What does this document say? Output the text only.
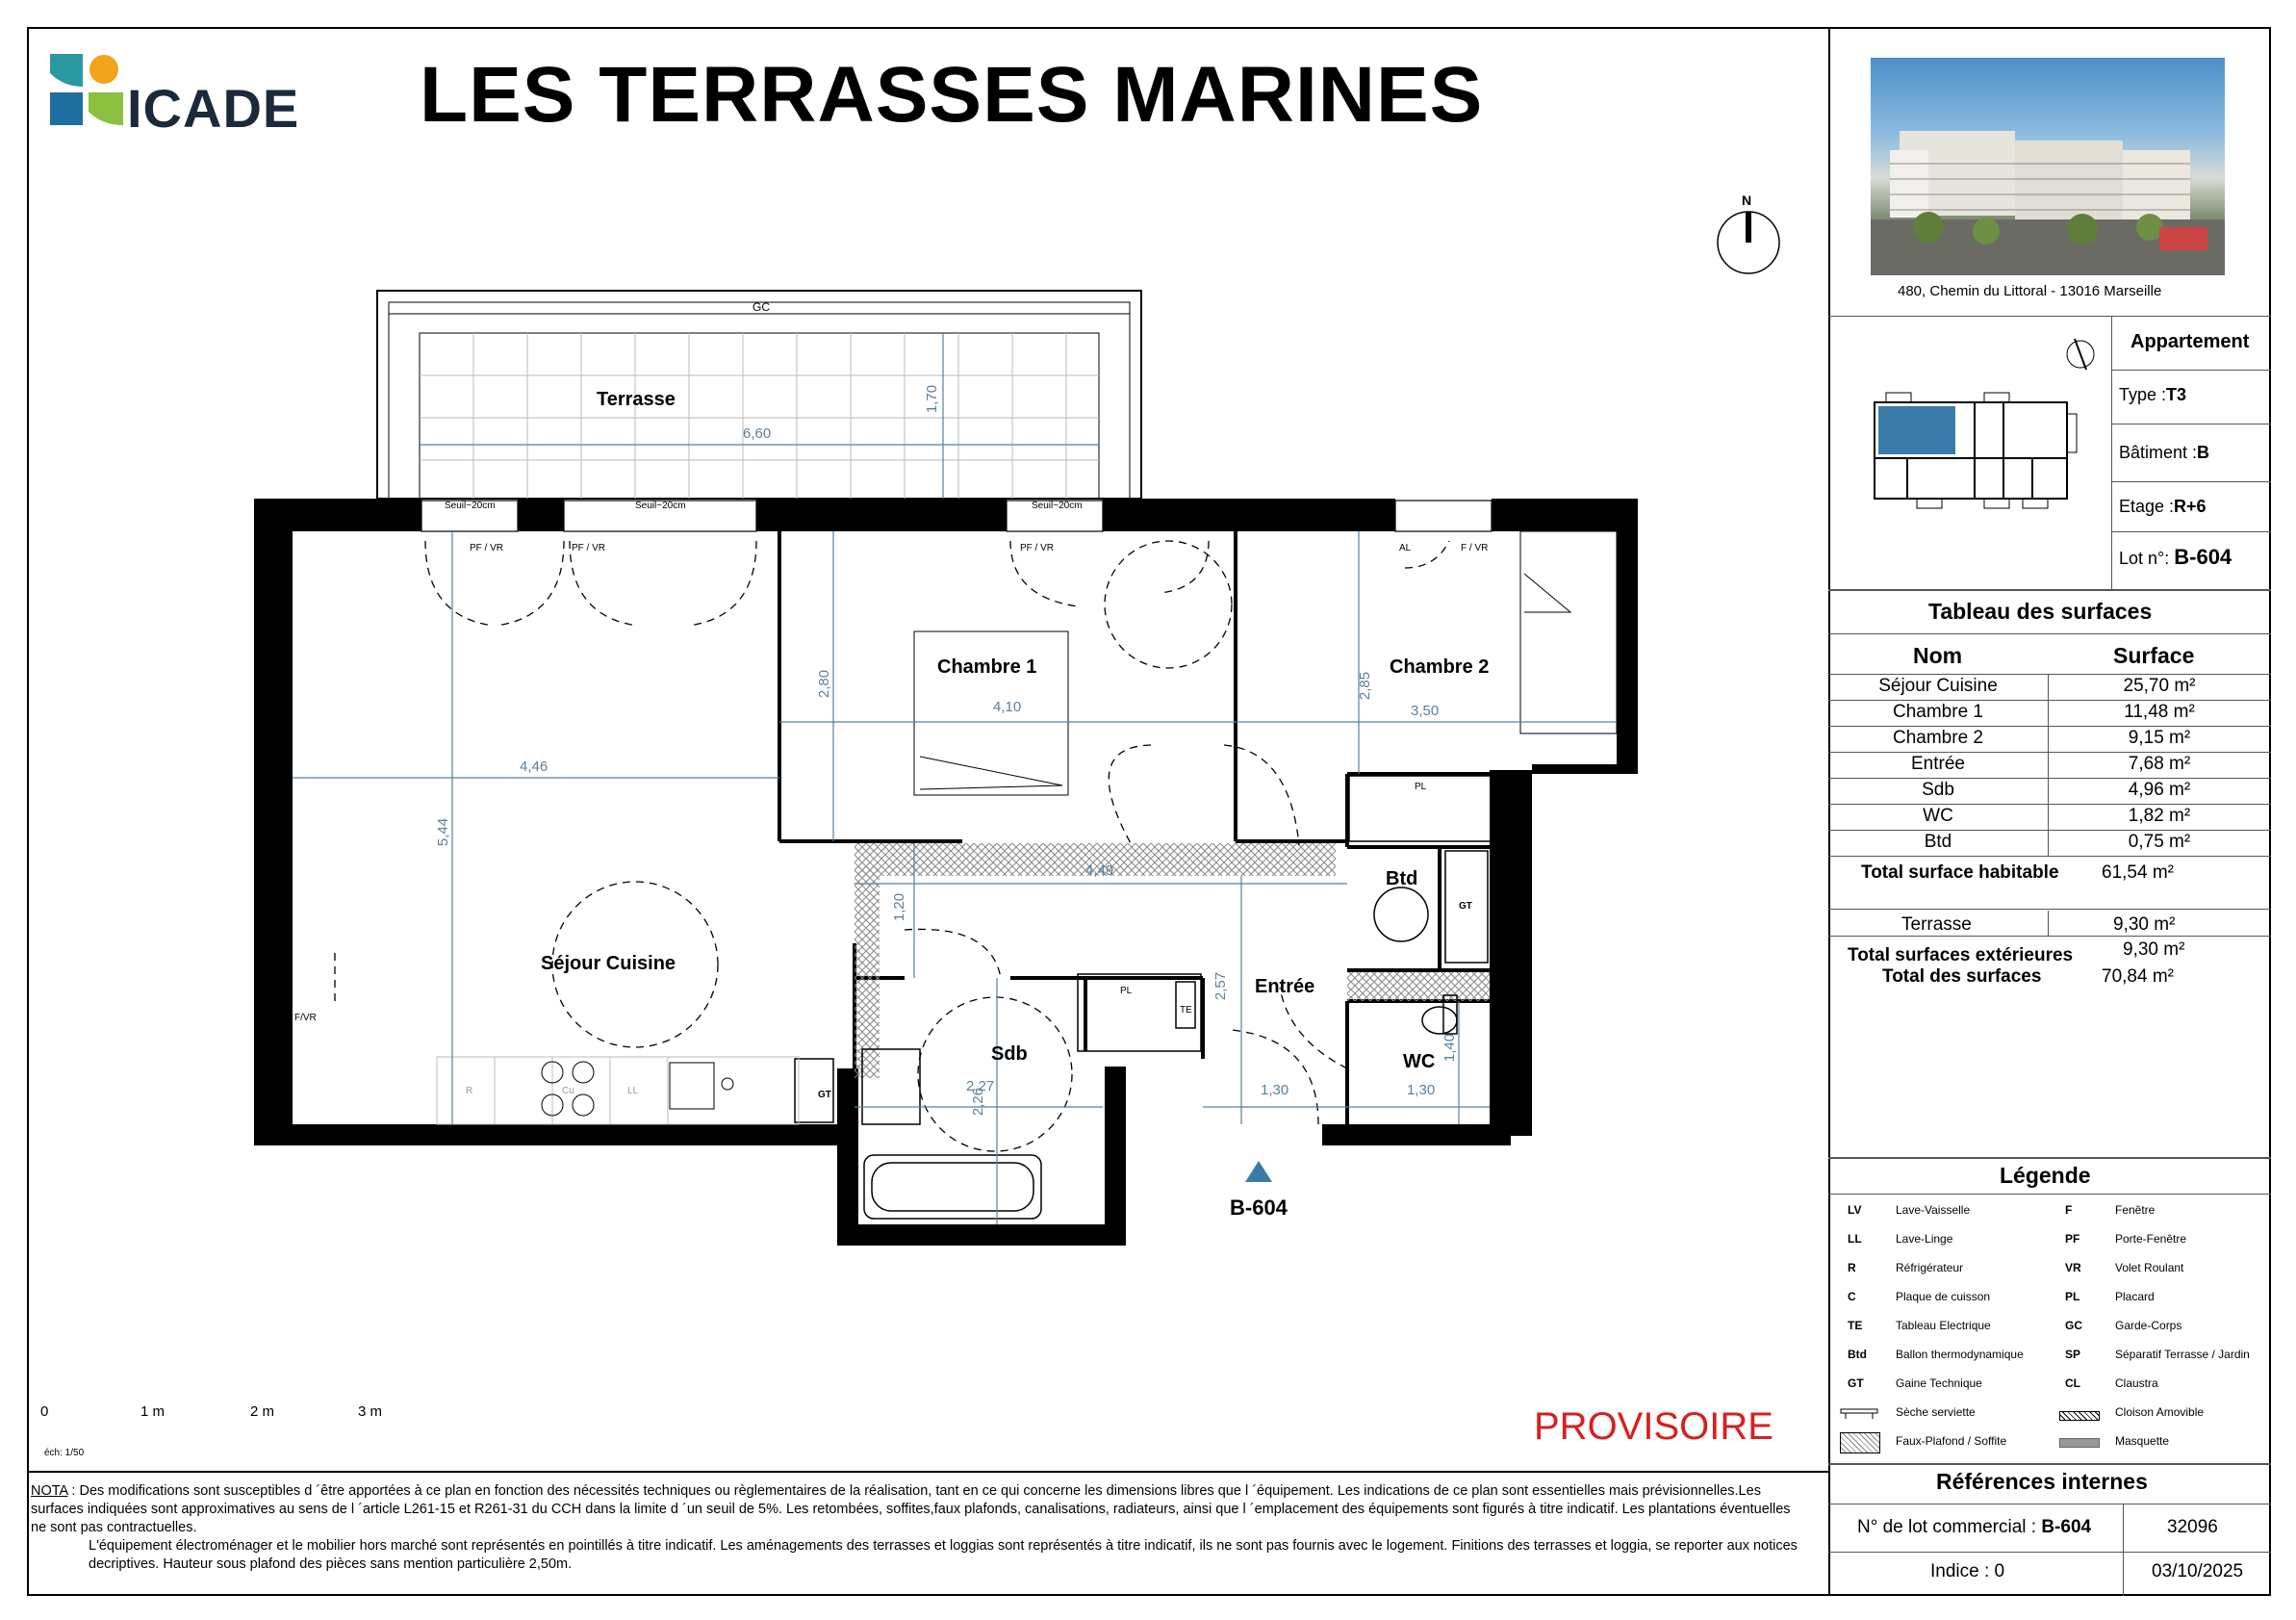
ICADE LES TERRASSES MARINES
N
Terrasse
Chambre 1	Chambre 2
Séjour Cuisine
Entrée
Sdb	WC
Btd
GC
Seuil~20cm	Seuil~20cm	Seuil~20cm
PF / VR	PF / VR	PF / VR	AL	F / VR
F/VR
PL
PL
GT
GT
TE
R	Cu	LL
6,60
1,70
4,46
5,44
4,10
2,80
3,50
2,85
4,49
1,20
2,27
2,26
2,57
1,30	1,30
1,40
B-604
0	1 m	2 m	3 m
éch: 1/50
PROVISOIRE

NOTA : Des modifications sont susceptibles d ´être apportées à ce plan en fonction des nécessités techniques ou règlementaires de la réalisation, tant en ce qui concerne les dimensions libres que l ´équipement. Les indications de ce plan sont essentielles mais prévisionnelles.Les surfaces indiquées sont approximatives au sens de l ´article L261-15 et R261-31 du CCH dans la limite d ´un seuil de 5%. Les retombées, soffites,faux plafonds, canalisations, radiateurs, ainsi que l ´emplacement des équipements sont figurés à titre indicatif. Les plantations éventuelles ne sont pas contractuelles.

L'équipement électroménager et le mobilier hors marché sont représentés en pointillés à titre indicatif. Les aménagements des terrasses et loggias sont représentés à titre indicatif, ils ne sont pas fournis avec le logement. Finitions des terrasses et loggia, se reporter aux notices decriptives. Hauteur sous plafond des pièces sans mention particulière 2,50m.

480, Chemin du Littoral - 13016 Marseille
Appartement
Type :T3
Bâtiment :B
Etage :R+6
Lot n°: B-604
Tableau des surfaces
Nom	Surface
Séjour Cuisine	25,70 m²
Chambre 1	11,48 m²
Chambre 2	9,15 m²
Entrée	7,68 m²
Sdb	4,96 m²
WC	1,82 m²
Btd	0,75 m²
Total surface habitable 61,54 m²
Terrasse	9,30 m²
Total surfaces extérieures	9,30 m²
Total des surfaces	70,84 m²
Légende
LV	Lave-Vaisselle
LL	Lave-Linge
R	Réfrigérateur
C	Plaque de cuisson
TE	Tableau Electrique
Btd	Ballon thermodynamique
GT	Gaine Technique
Sèche serviette
Faux-Plafond / Soffite
F	Fenêtre
PF	Porte-Fenêtre
VR	Volet Roulant
PL	Placard
GC	Garde-Corps
SP	Séparatif Terrasse / Jardin
CL	Claustra
Cloison Amovible
Masquette
Références internes
N° de lot commercial : B-604	32096
Indice : 0	03/10/2025
